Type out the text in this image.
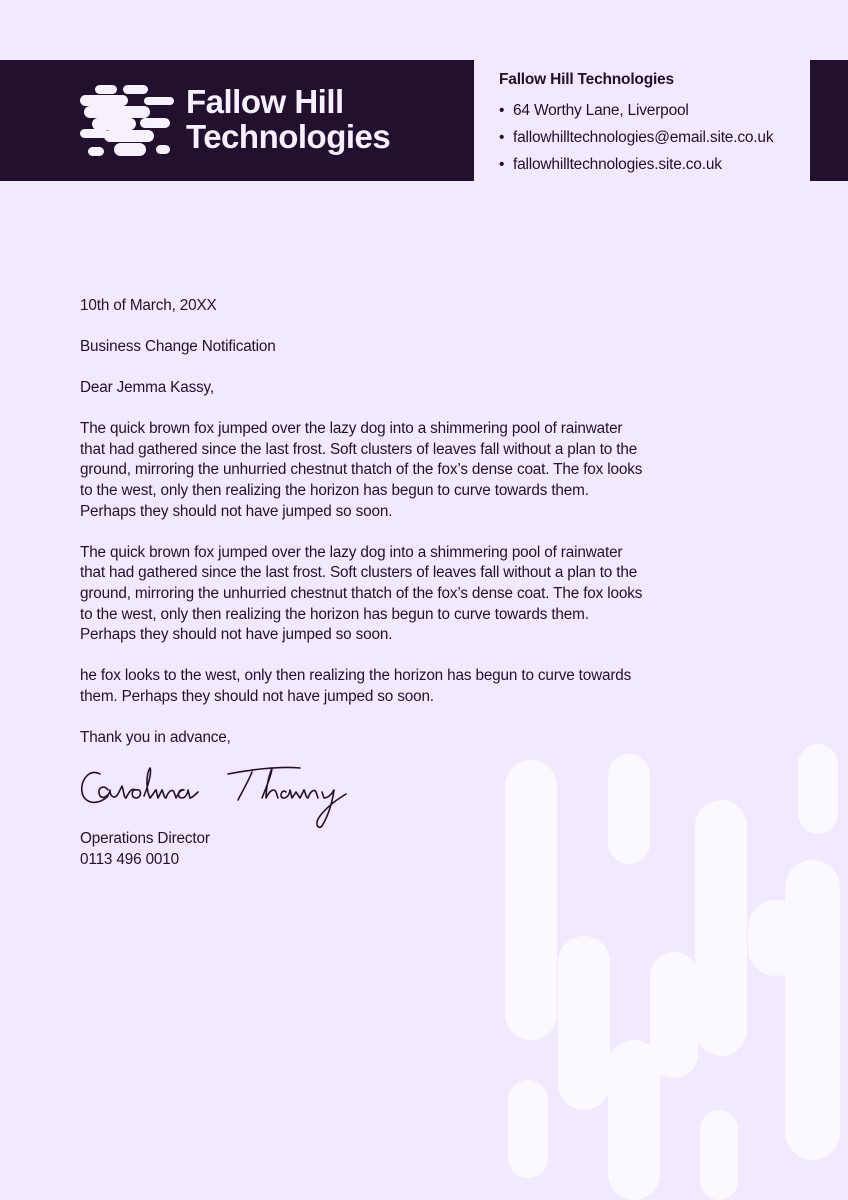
Fallow Hill
Technologies
Fallow Hill Technologies
• 64 Worthy Lane, Liverpool
• fallowhilltechnologies@email.site.co.uk
• fallowhilltechnologies.site.co.uk

10th of March, 20XX

Business Change Notification

Dear Jemma Kassy,

The quick brown fox jumped over the lazy dog into a shimmering pool of rainwater that had gathered since the last frost. Soft clusters of leaves fall without a plan to the ground, mirroring the unhurried chestnut thatch of the fox’s dense coat. The fox looks to the west, only then realizing the horizon has begun to curve towards them. Perhaps they should not have jumped so soon.

The quick brown fox jumped over the lazy dog into a shimmering pool of rainwater that had gathered since the last frost. Soft clusters of leaves fall without a plan to the ground, mirroring the unhurried chestnut thatch of the fox’s dense coat. The fox looks to the west, only then realizing the horizon has begun to curve towards them. Perhaps they should not have jumped so soon.

he fox looks to the west, only then realizing the horizon has begun to curve towards them. Perhaps they should not have jumped so soon.

Thank you in advance,

Operations Director
0113 496 0010
